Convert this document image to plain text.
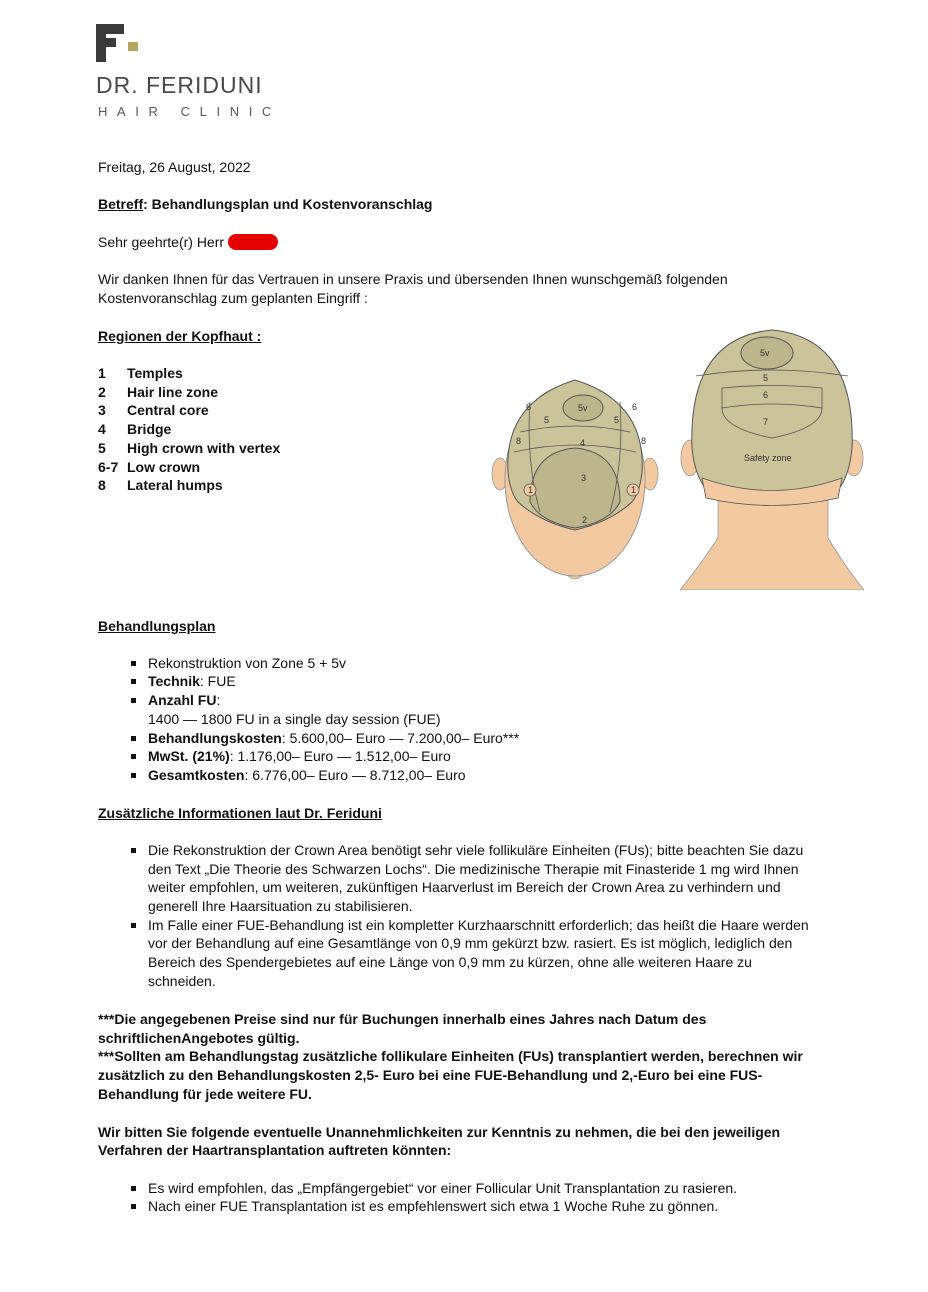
DR. FERIDUNI
HAIR CLINIC
Freitag, 26 August, 2022
Betreff: Behandlungsplan und Kostenvoranschlag
Sehr geehrte(r) Herr
Wir danken Ihnen für das Vertrauen in unsere Praxis und übersenden Ihnen wunschgemäß folgenden
Kostenvoranschlag zum geplanten Eingriff :
Regionen der Kopfhaut :
1 Temples
2 Hair line zone
3 Central core
4 Bridge
5 High crown with vertex
6-7 Low crown
8 Lateral humps
6	5v	6
5	5
8	4	8
3
1	1
2
5v
5
6
7
Safety zone
Behandlungsplan
Rekonstruktion von Zone 5 + 5v
Technik: FUE
Anzahl FU:
1400 — 1800 FU in a single day session (FUE)
Behandlungskosten: 5.600,00– Euro — 7.200,00– Euro***
MwSt. (21%): 1.176,00– Euro — 1.512,00– Euro
Gesamtkosten: 6.776,00– Euro — 8.712,00– Euro
Zusätzliche Informationen laut Dr. Feriduni
Die Rekonstruktion der Crown Area benötigt sehr viele follikuläre Einheiten (FUs); bitte beachten Sie dazu
den Text „Die Theorie des Schwarzen Lochs“. Die medizinische Therapie mit Finasteride 1 mg wird Ihnen
weiter empfohlen, um weiteren, zukünftigen Haarverlust im Bereich der Crown Area zu verhindern und
generell Ihre Haarsituation zu stabilisieren.
Im Falle einer FUE-Behandlung ist ein kompletter Kurzhaarschnitt erforderlich; das heißt die Haare werden
vor der Behandlung auf eine Gesamtlänge von 0,9 mm gekürzt bzw. rasiert. Es ist möglich, lediglich den
Bereich des Spendergebietes auf eine Länge von 0,9 mm zu kürzen, ohne alle weiteren Haare zu
schneiden.
***Die angegebenen Preise sind nur für Buchungen innerhalb eines Jahres nach Datum des
schriftlichenAngebotes gültig.
***Sollten am Behandlungstag zusätzliche follikulare Einheiten (FUs) transplantiert werden, berechnen wir
zusätzlich zu den Behandlungskosten 2,5- Euro bei eine FUE-Behandlung und 2,-Euro bei eine FUS-
Behandlung für jede weitere FU.
Wir bitten Sie folgende eventuelle Unannehmlichkeiten zur Kenntnis zu nehmen, die bei den jeweiligen
Verfahren der Haartransplantation auftreten könnten:
Es wird empfohlen, das „Empfängergebiet“ vor einer Follicular Unit Transplantation zu rasieren.
Nach einer FUE Transplantation ist es empfehlenswert sich etwa 1 Woche Ruhe zu gönnen.
